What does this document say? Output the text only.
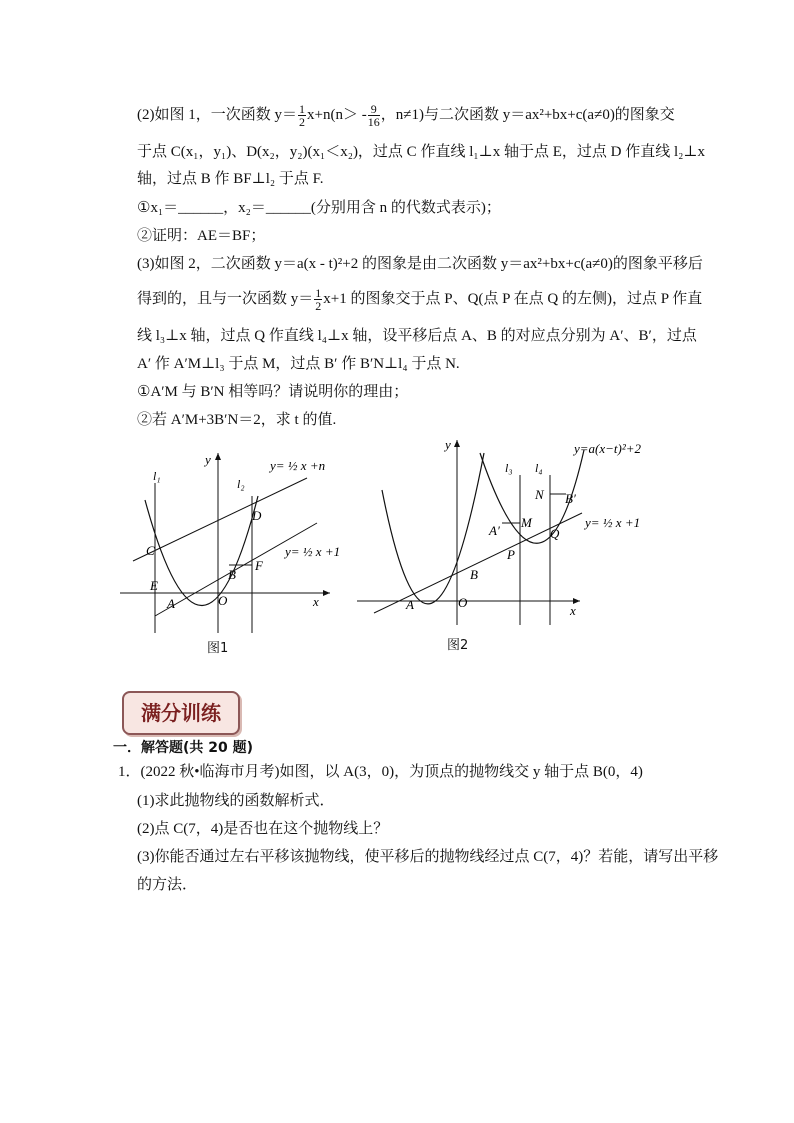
(2)如图 1，一次函数 $y= \frac{1}{2} x+n(n> - \frac{9}{16}$ ，n≠1)与二次函数 y＝ax²+bx+c(a≠0)的图象交
于点 C(x₁，y₁)、D(x₂，y₂)(x₁＜x₂)，过点 C 作直线 l₁⊥x 轴于点 E，过点 D 作直线 l₂⊥x
轴，过点 B 作 BF⊥l₂ 于点 F.
①x₁＝______，x₂＝______(分别用含 n 的代数式表示)；
②证明：AE＝BF；
(3)如图 2，二次函数 y＝a(x - t)²+2 的图象是由二次函数 y＝ax²+bx+c(a≠0)的图象平移后
得到的，且与一次函数 $y= \frac{1}{2} x+1$ 的图象交于点 P、Q(点 P 在点 Q 的左侧)，过点 P 作直
线 l₃⊥x 轴，过点 Q 作直线 l₄⊥x 轴，设平移后点 A、B 的对应点分别为 A′、B′，过点
A′ 作 A′M⊥l₃ 于点 M，过点 B′ 作 B′N⊥l₄ 于点 N.
①A′M 与 B′N 相等吗？请说明你的理由；
②若 A′M+3B′N＝2，求 t 的值.
l₁
l₂
y
x
C
D
E
A	O
B
F
y= ½ x +n
y= ½ x +1
图1
y
x
l₃ l₄
A	O
B
P
Q
M
N
A′
B′
y=a(x−t)²+2
y= ½ x +1
图2
满分训练
一．解答题(共 20 题)
1．(2022 秋•临海市月考)如图，以 A(3，0)，为顶点的抛物线交 y 轴于点 B(0，4)
(1)求此抛物线的函数解析式．
(2)点 C(7，4)是否也在这个抛物线上？
(3)你能否通过左右平移该抛物线，使平移后的抛物线经过点 C(7，4)？若能，请写出平移
的方法．
